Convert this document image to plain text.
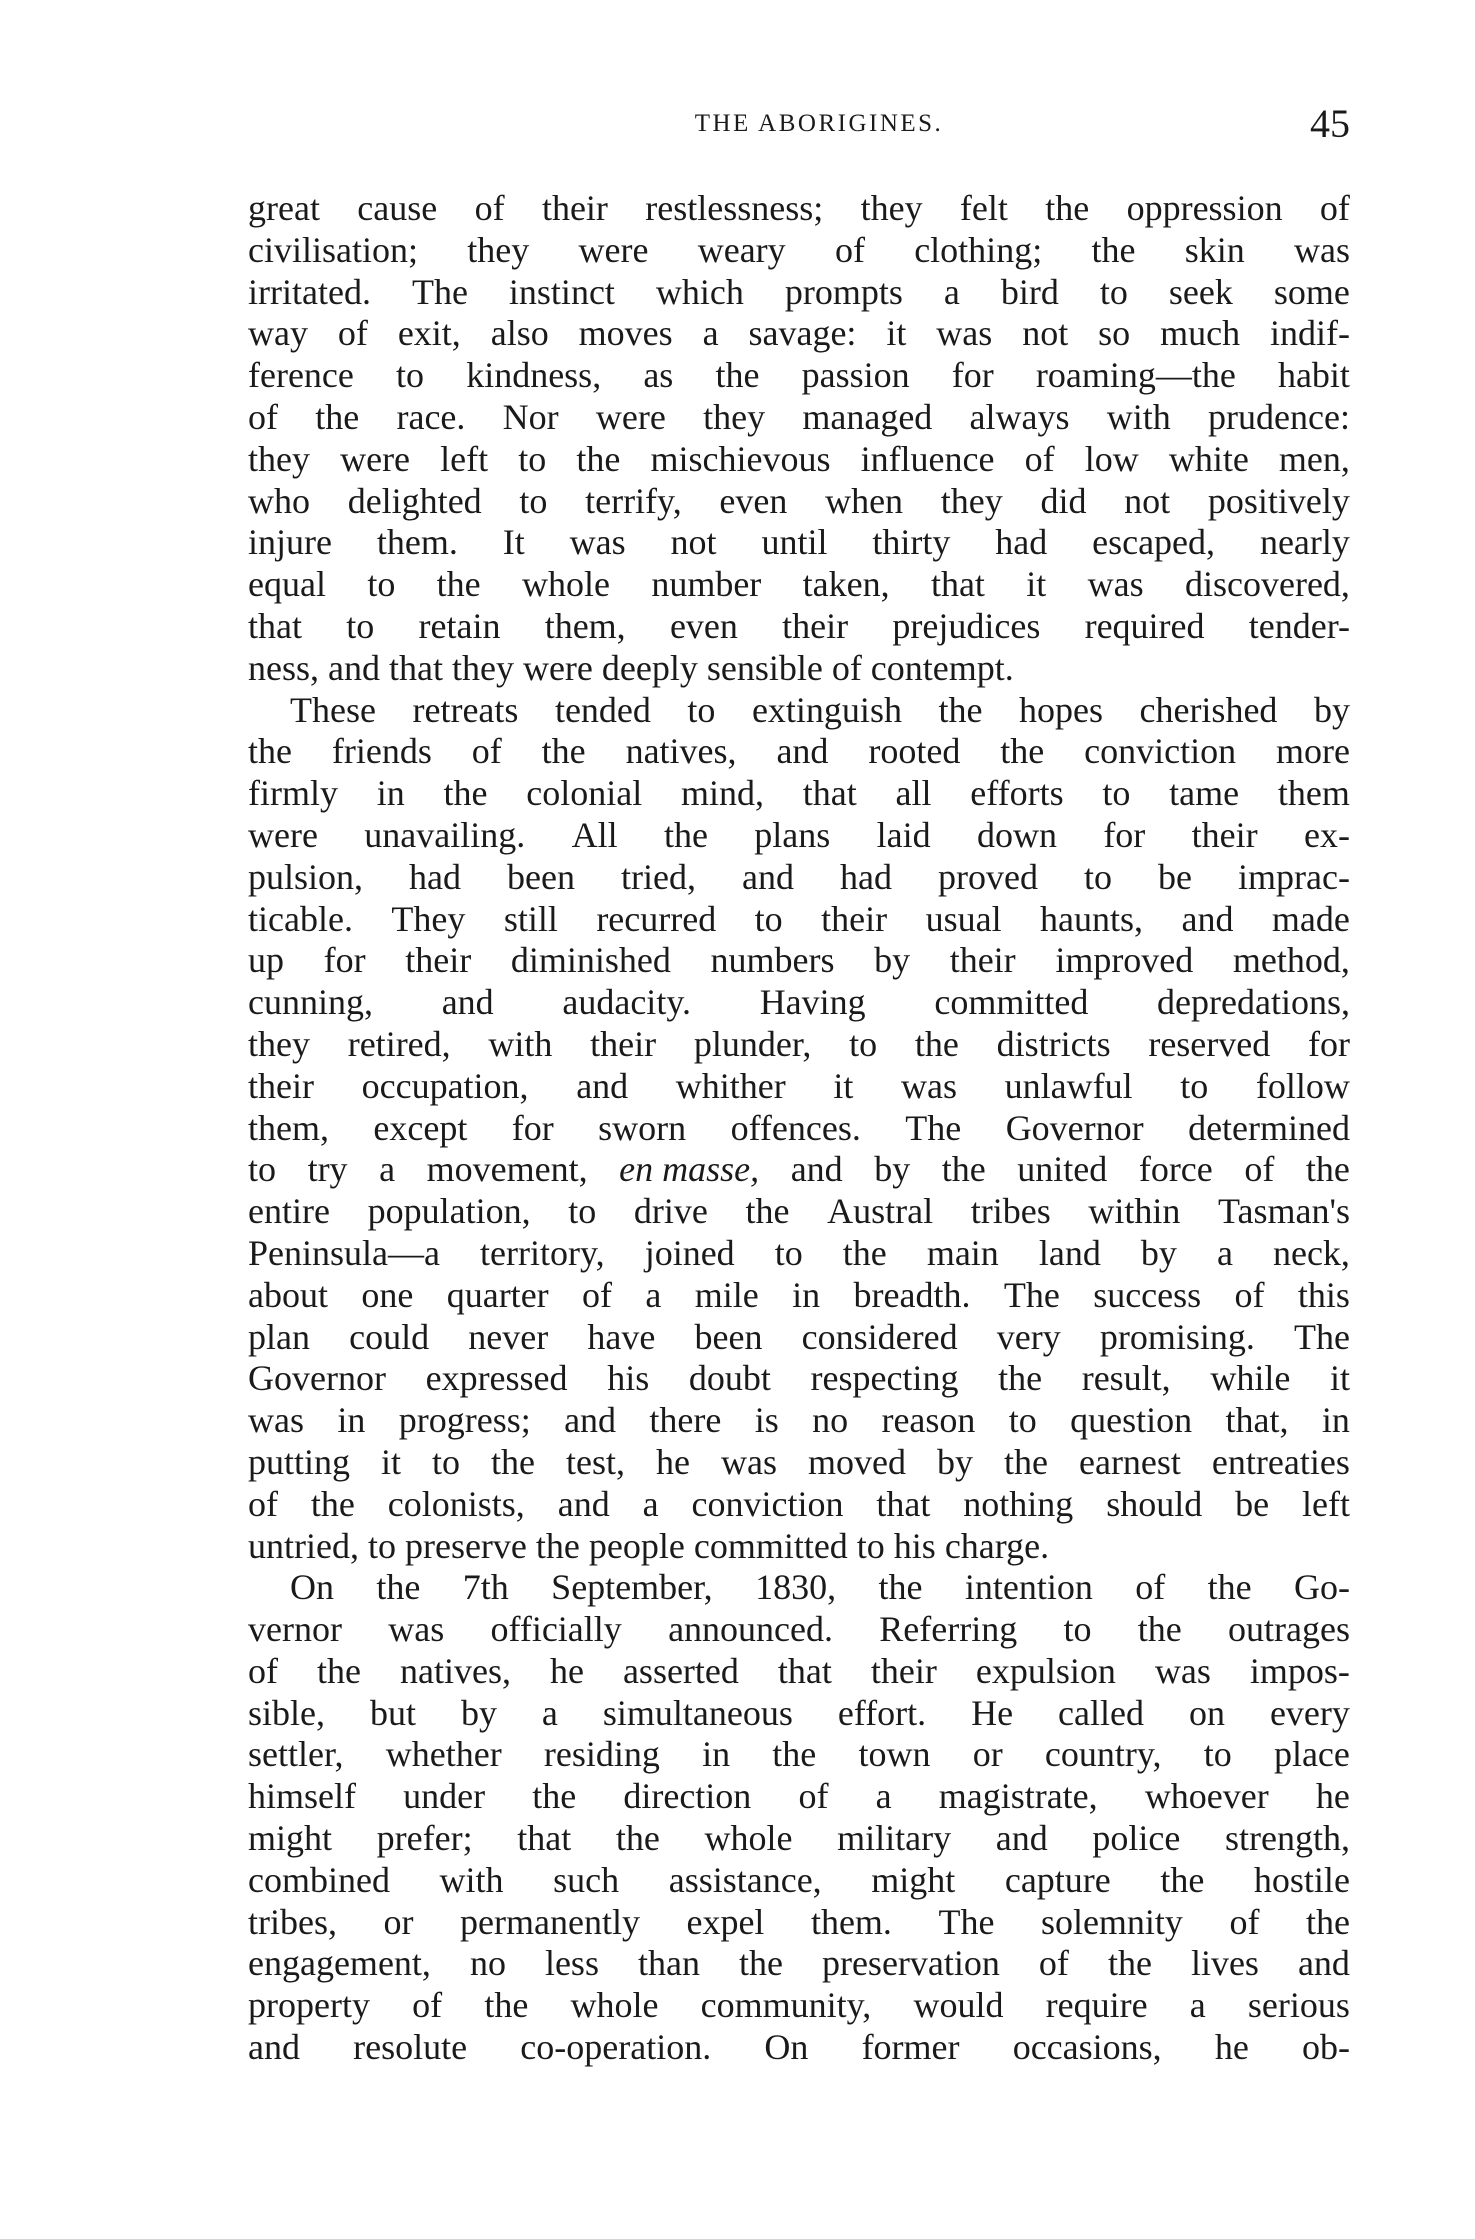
THE ABORIGINES.	45
great cause of their restlessness; they felt the oppression of
civilisation; they were weary of clothing; the skin was
irritated. The instinct which prompts a bird to seek some
way of exit, also moves a savage: it was not so much indif-
ference to kindness, as the passion for roaming—the habit
of the race. Nor were they managed always with prudence:
they were left to the mischievous influence of low white men,
who delighted to terrify, even when they did not positively
injure them. It was not until thirty had escaped, nearly
equal to the whole number taken, that it was discovered,
that to retain them, even their prejudices required tender-
ness, and that they were deeply sensible of contempt.
These retreats tended to extinguish the hopes cherished by
the friends of the natives, and rooted the conviction more
firmly in the colonial mind, that all efforts to tame them
were unavailing. All the plans laid down for their ex-
pulsion, had been tried, and had proved to be imprac-
ticable. They still recurred to their usual haunts, and made
up for their diminished numbers by their improved method,
cunning, and audacity. Having committed depredations,
they retired, with their plunder, to the districts reserved for
their occupation, and whither it was unlawful to follow
them, except for sworn offences. The Governor determined
to try a movement, en masse, and by the united force of the
entire population, to drive the Austral tribes within Tasman's
Peninsula—a territory, joined to the main land by a neck,
about one quarter of a mile in breadth. The success of this
plan could never have been considered very promising. The
Governor expressed his doubt respecting the result, while it
was in progress; and there is no reason to question that, in
putting it to the test, he was moved by the earnest entreaties
of the colonists, and a conviction that nothing should be left
untried, to preserve the people committed to his charge.
On the 7th September, 1830, the intention of the Go-
vernor was officially announced. Referring to the outrages
of the natives, he asserted that their expulsion was impos-
sible, but by a simultaneous effort. He called on every
settler, whether residing in the town or country, to place
himself under the direction of a magistrate, whoever he
might prefer; that the whole military and police strength,
combined with such assistance, might capture the hostile
tribes, or permanently expel them. The solemnity of the
engagement, no less than the preservation of the lives and
property of the whole community, would require a serious
and resolute co-operation. On former occasions, he ob-
